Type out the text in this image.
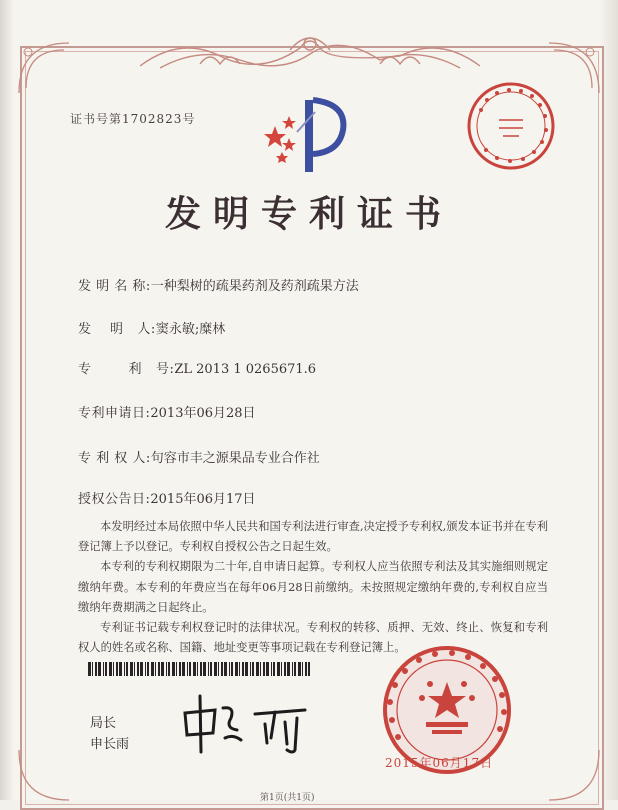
证书号第1702823号
发明专利证书
发 明 名 称:一种梨树的疏果药剂及药剂疏果方法
发    明   人:窦永敏;糜林
专        利   号:ZL 2013 1 0265671.6
专利申请日:2013年06月28日
专 利 权 人:句容市丰之源果品专业合作社
授权公告日:2015年06月17日

本发明经过本局依照中华人民共和国专利法进行审查,决定授予专利权,颁发本证书并在专利登记簿上予以登记。专利权自授权公告之日起生效。

本专利的专利权期限为二十年,自申请日起算。专利权人应当依照专利法及其实施细则规定缴纳年费。本专利的年费应当在每年06月28日前缴纳。未按照规定缴纳年费的,专利权自应当缴纳年费期满之日起终止。

专利证书记载专利权登记时的法律状况。专利权的转移、质押、无效、终止、恢复和专利权人的姓名或名称、国籍、地址变更等事项记载在专利登记簿上。

局长
申长雨
2015年06月17日
第1页(共1页)
